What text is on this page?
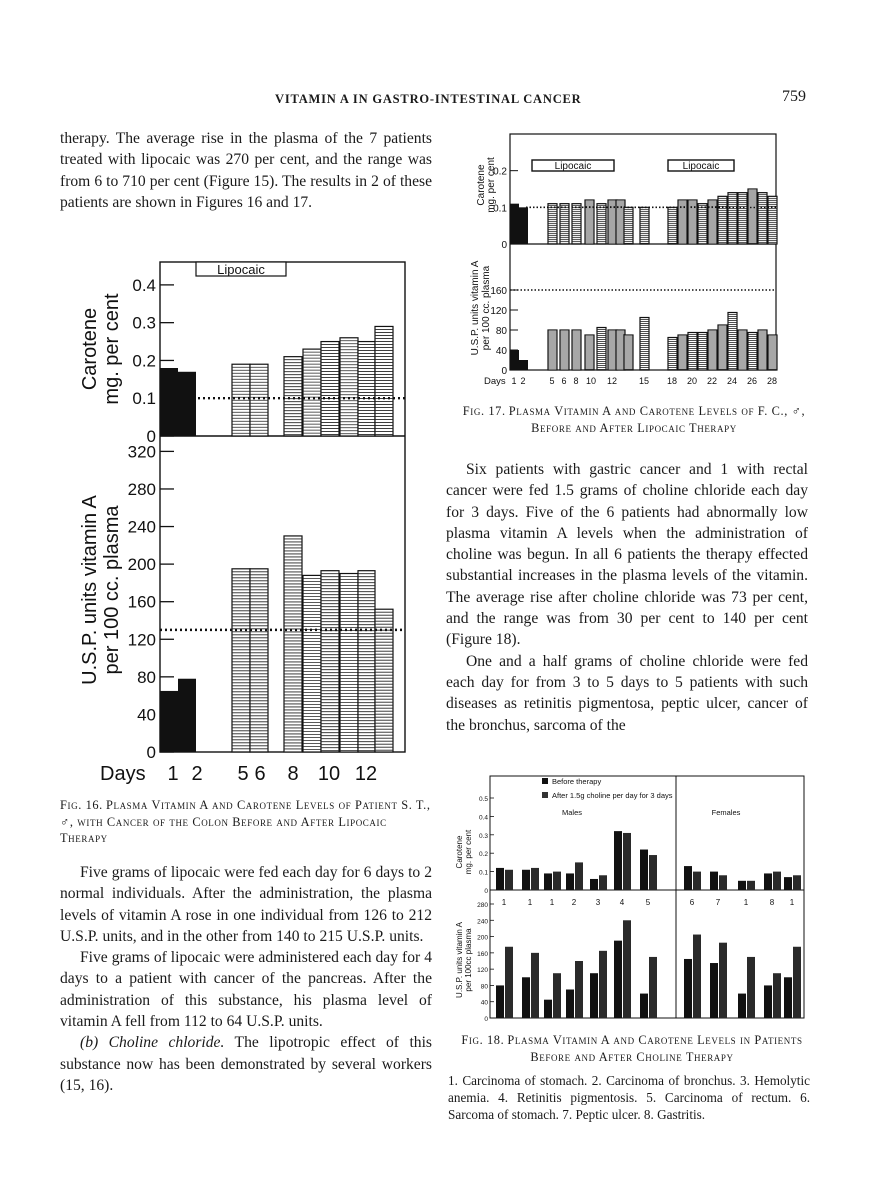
VITAMIN A IN GASTRO-INTESTINAL CANCER	759

therapy. The average rise in the plasma of the 7 patients treated with lipocaic was 270 per cent, and the range was from 6 to 710 per cent (Figure 15). The results in 2 of these patients are shown in Figures 16 and 17.

0
0.1
0.2
0.3
0.4
0
40
80
120
160
200
240
280
320
Carotene mg. per cent
U.S.P. units vitamin A per 100 cc. plasma
Lipocaic
Days 1 2 5 6 8 10 12
Fig. 16. Plasma Vitamin A and Carotene Levels of Patient S. T., ♂, with Cancer of the Colon Before and After Lipocaic Therapy

Five grams of lipocaic were fed each day for 6 days to 2 normal individuals. After the administration, the plasma levels of vitamin A rose in one individual from 126 to 212 U.S.P. units, and in the other from 140 to 215 U.S.P. units.

Five grams of lipocaic were administered each day for 4 days to a patient with cancer of the pancreas. After the administration of this substance, his plasma level of vitamin A fell from 112 to 64 U.S.P. units.

(b) Choline chloride. The lipotropic effect of this substance now has been demonstrated by several workers (15, 16).

0
0.1
0.2
0
40
80
120
160
Carotene mg. per cent
U.S.P. units vitamin A per 100 cc. plasma
Lipocaic	Lipocaic
Days 1 2	5 6 8 10 12 15 18 20 22 24 26 28
Fig. 17. Plasma Vitamin A and Carotene Levels of F. C., ♂, Before and After Lipocaic Therapy

Six patients with gastric cancer and 1 with rectal cancer were fed 1.5 grams of choline chloride each day for 3 days. Five of the 6 patients had abnormally low plasma vitamin A levels when the administration of choline was begun. In all 6 patients the therapy effected substantial increases in the plasma levels of the vitamin. The average rise after choline chloride was 73 per cent, and the range was from 30 per cent to 140 per cent (Figure 18).

One and a half grams of choline chloride were fed each day for from 3 to 5 days to 5 patients with such diseases as retinitis pigmentosa, peptic ulcer, cancer of the bronchus, sarcoma of the

0
0.1
0.2
0.3
0.4
0.5
0
40
80
120
160
200
240
280
Carotene mg. per cent
U.S.P. units vitamin A per 100cc plasma
Before therapy
After 1.5g choline per day for 3 days
Males	Females
1	1 1 2 3 4	5	6	7	1	8 1
Fig. 18. Plasma Vitamin A and Carotene Levels in Patients Before and After Choline Therapy
1. Carcinoma of stomach. 2. Carcinoma of bronchus. 3. Hemolytic anemia. 4. Retinitis pigmentosis. 5. Carcinoma of rectum. 6. Sarcoma of stomach. 7. Peptic ulcer. 8. Gastritis.
